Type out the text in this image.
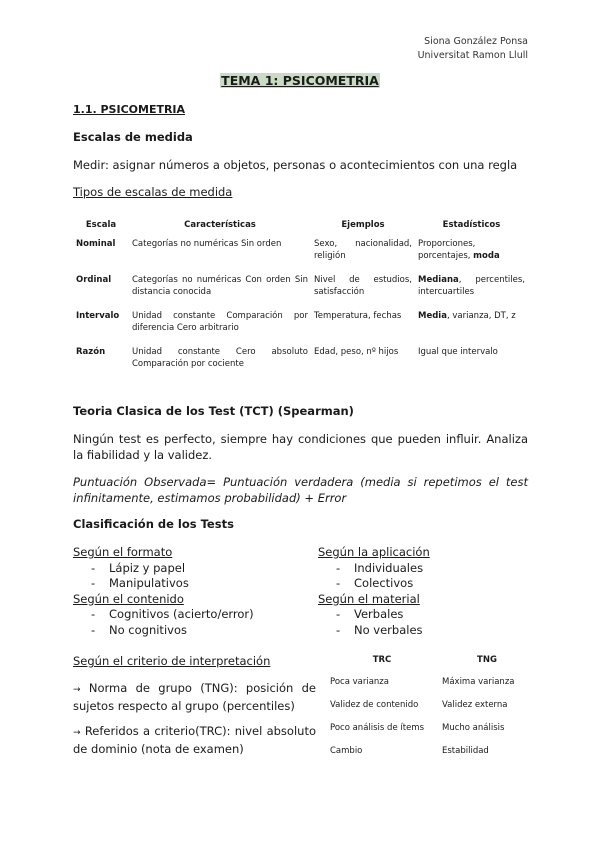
Siona González Ponsa
Universitat Ramon Llull
TEMA 1: PSICOMETRIA
1.1. PSICOMETRIA
Escalas de medida
Medir: asignar números a objetos, personas o acontecimientos con una regla
Tipos de escalas de medida
Escala	Características	Ejemplos	Estadísticos
Nominal	Categorías no numéricas Sin orden	Sexo, nacionalidad, religión	Proporciones, porcentajes, moda
Ordinal	Categorías no numéricas Con orden Sin distancia conocida	Nivel de estudios, satisfacción	Mediana, percentiles, intercuartiles
Intervalo	Unidad constante Comparación por diferencia Cero arbitrario	Temperatura, fechas	Media, varianza, DT, z
Razón	Unidad constante Cero absoluto Comparación por cociente	Edad, peso, nº hijos	Igual que intervalo
Teoria Clasica de los Test (TCT) (Spearman)
Ningún test es perfecto, siempre hay condiciones que pueden influir. Analiza la fiabilidad y la validez.
Puntuación Observada= Puntuación verdadera (media si repetimos el test infinitamente, estimamos probabilidad) + Error
Clasificación de los Tests
Según el formato
- Lápiz y papel
- Manipulativos
Según el contenido
- Cognitivos (acierto/error)
- No cognitivos
Según la aplicación
- Individuales
- Colectivos
Según el material
- Verbales
- No verbales
Según el criterio de interpretación
→ Norma de grupo (TNG): posición de sujetos respecto al grupo (percentiles)
→ Referidos a criterio(TRC): nivel absoluto de dominio (nota de examen)
TRC	TNG
Poca varianza	Máxima varianza
Validez de contenido	Validez externa
Poco análisis de ítems	Mucho análisis
Cambio	Estabilidad
